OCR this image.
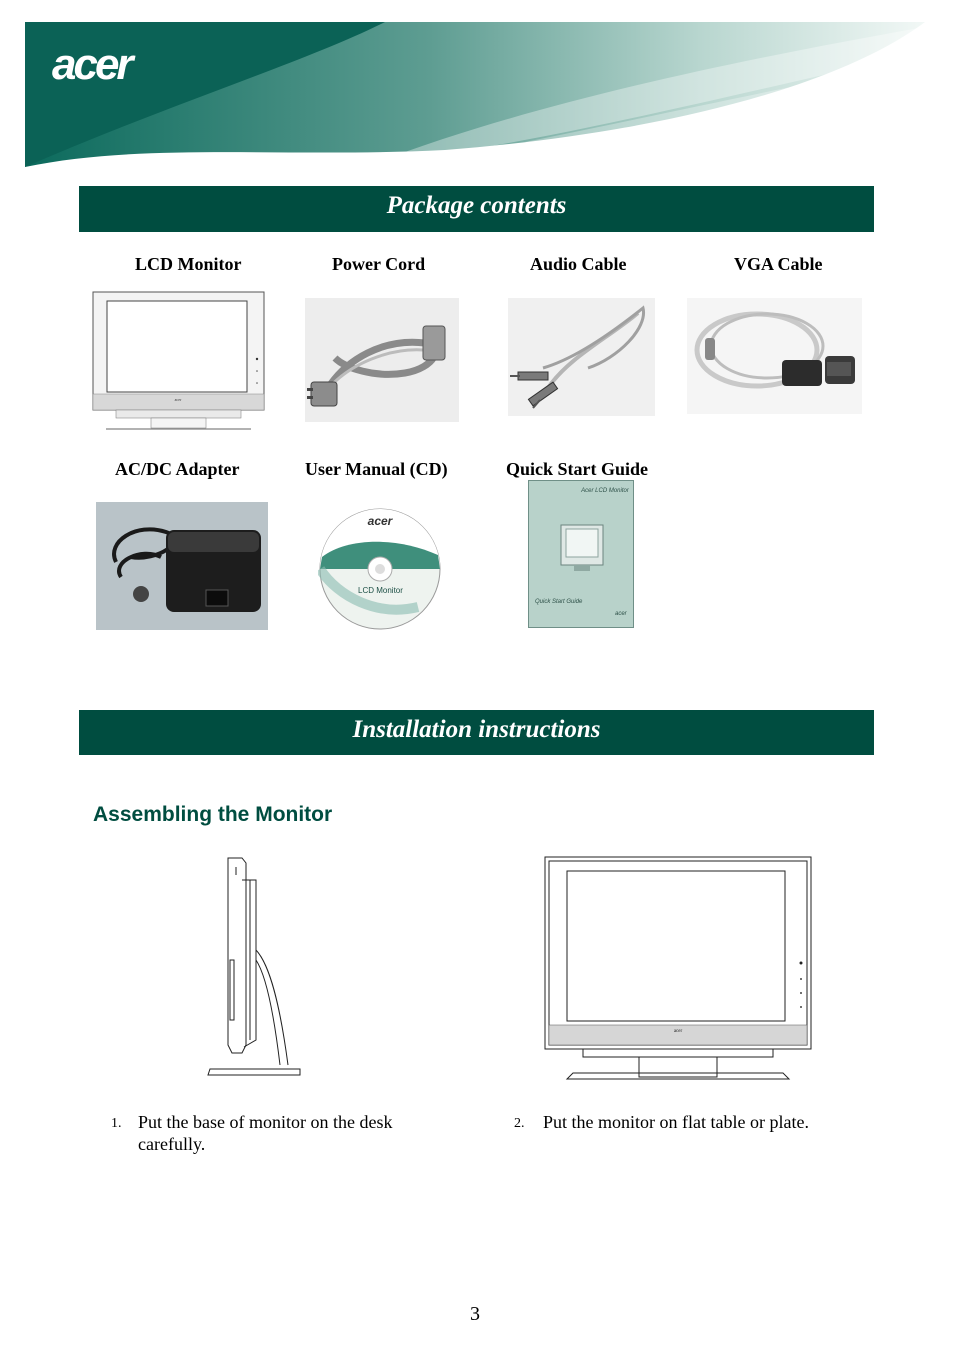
acer
Package contents
LCD Monitor	Power Cord	Audio Cable	VGA Cable
acer
AC/DC Adapter	User Manual (CD)	Quick Start Guide
acer
LCD Monitor
Acer LCD Monitor
Quick Start Guide
acer
Installation instructions
Assembling the Monitor
acer
1. Put the base of monitor on the desk
carefully.
2. Put the monitor on flat table or plate.
3
